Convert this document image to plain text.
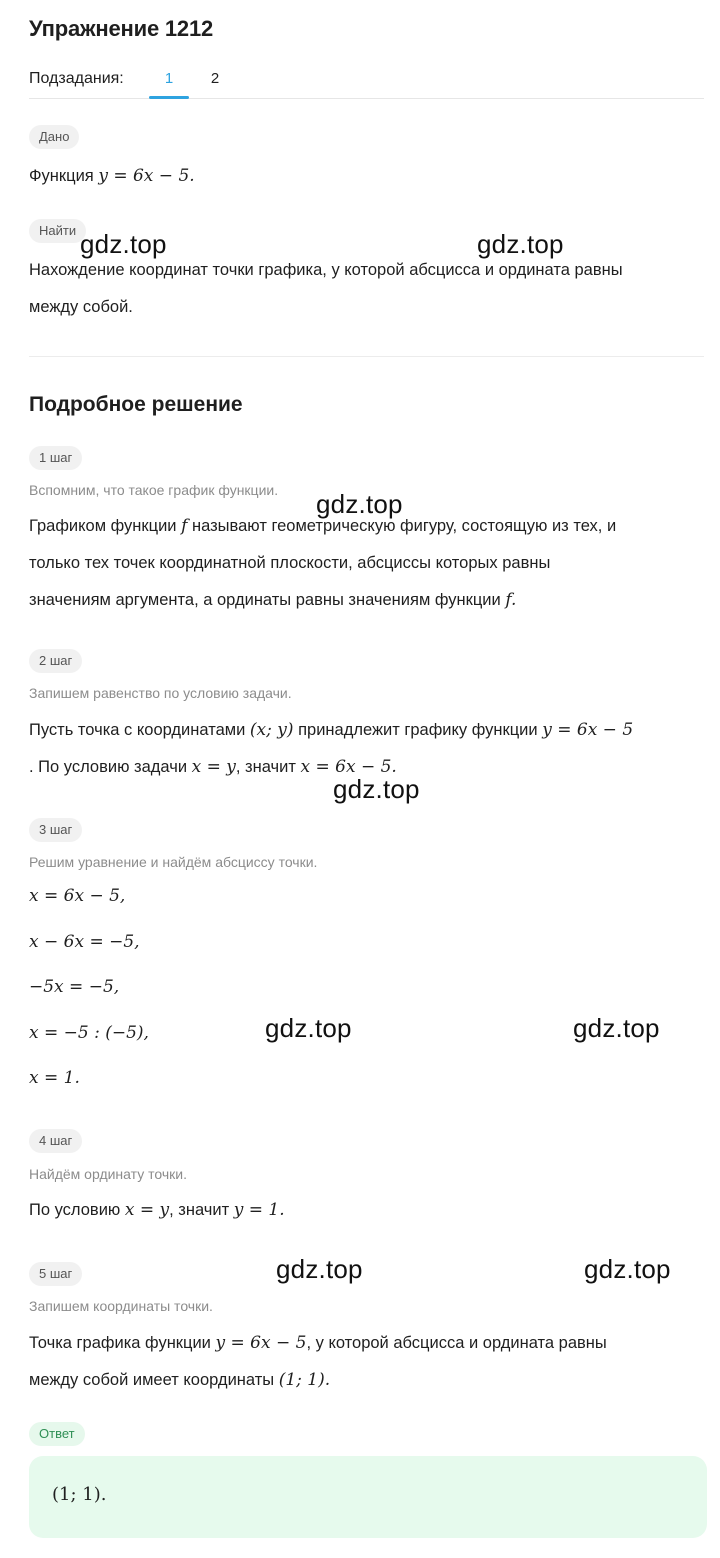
Упражнение 1212
Подзадания:	1	2
Дано
Функция y = 6x − 5.
Найти
Нахождение координат точки графика, у которой абсцисса и ордината равны
между собой.
Подробное решение
1 шаг
Вспомним, что такое график функции.
Графиком функции f называют геометрическую фигуру, состоящую из тех, и
только тех точек координатной плоскости, абсциссы которых равны
значениям аргумента, а ординаты равны значениям функции f.
2 шаг
Запишем равенство по условию задачи.
Пусть точка с координатами (x; y) принадлежит графику функции y = 6x − 5
. По условию задачи x = y, значит x = 6x − 5.
3 шаг
Решим уравнение и найдём абсциссу точки.
x = 6x − 5,
x − 6x = −5,
−5x = −5,
x = −5 : (−5),
x = 1.
4 шаг
Найдём ординату точки.
По условию x = y, значит y = 1.
5 шаг
Запишем координаты точки.
Точка графика функции y = 6x − 5, у которой абсцисса и ордината равны
между собой имеет координаты (1; 1).
Ответ
(1; 1).
gdz.top	gdz.top
gdz.top
gdz.top
gdz.top	gdz.top
gdz.top	gdz.top
